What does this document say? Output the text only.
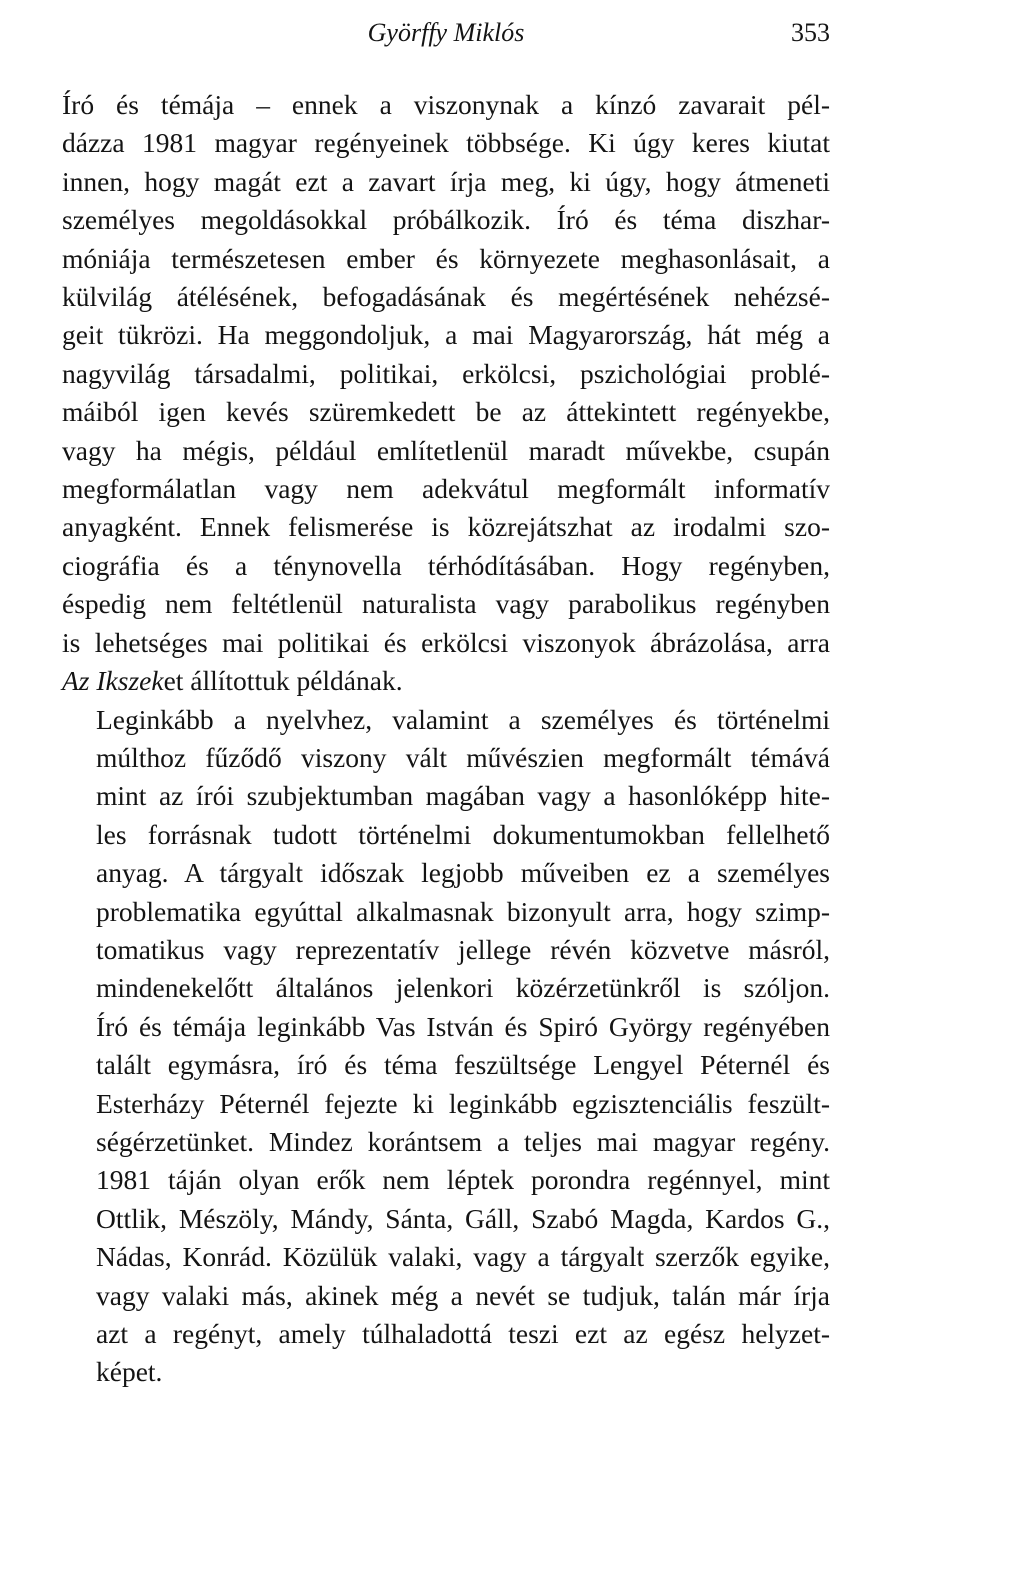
Györffy Miklós	353

Író és témája – ennek a viszonynak a kínzó zavarait pél-
dázza 1981 magyar regényeinek többsége. Ki úgy keres kiutat
innen, hogy magát ezt a zavart írja meg, ki úgy, hogy átmeneti
személyes megoldásokkal próbálkozik. Író és téma diszhar-
móniája természetesen ember és környezete meghasonlásait, a
külvilág átélésének, befogadásának és megértésének nehézsé-
geit tükrözi. Ha meggondoljuk, a mai Magyarország, hát még a
nagyvilág társadalmi, politikai, erkölcsi, pszichológiai problé-
máiból igen kevés szüremkedett be az áttekintett regényekbe,
vagy ha mégis, például említetlenül maradt művekbe, csupán
megformálatlan vagy nem adekvátul megformált informatív
anyagként. Ennek felismerése is közrejátszhat az irodalmi szo-
ciográfia és a ténynovella térhódításában. Hogy regényben,
éspedig nem feltétlenül naturalista vagy parabolikus regényben
is lehetséges mai politikai és erkölcsi viszonyok ábrázolása, arra
Az Ikszeket állítottuk példának.

Leginkább a nyelvhez, valamint a személyes és történelmi
múlthoz fűződő viszony vált művészien megformált témává
mint az írói szubjektumban magában vagy a hasonlóképp hite-
les forrásnak tudott történelmi dokumentumokban fellelhető
anyag. A tárgyalt időszak legjobb műveiben ez a személyes
problematika egyúttal alkalmasnak bizonyult arra, hogy szimp-
tomatikus vagy reprezentatív jellege révén közvetve másról,
mindenekelőtt általános jelenkori közérzetünkről is szóljon.
Író és témája leginkább Vas István és Spiró György regényében
talált egymásra, író és téma feszültsége Lengyel Péternél és
Esterházy Péternél fejezte ki leginkább egzisztenciális feszült-
ségérzetünket. Mindez korántsem a teljes mai magyar regény.
1981 táján olyan erők nem léptek porondra regénnyel, mint
Ottlik, Mészöly, Mándy, Sánta, Gáll, Szabó Magda, Kardos G.,
Nádas, Konrád. Közülük valaki, vagy a tárgyalt szerzők egyike,
vagy valaki más, akinek még a nevét se tudjuk, talán már írja
azt a regényt, amely túlhaladottá teszi ezt az egész helyzet-
képet.
